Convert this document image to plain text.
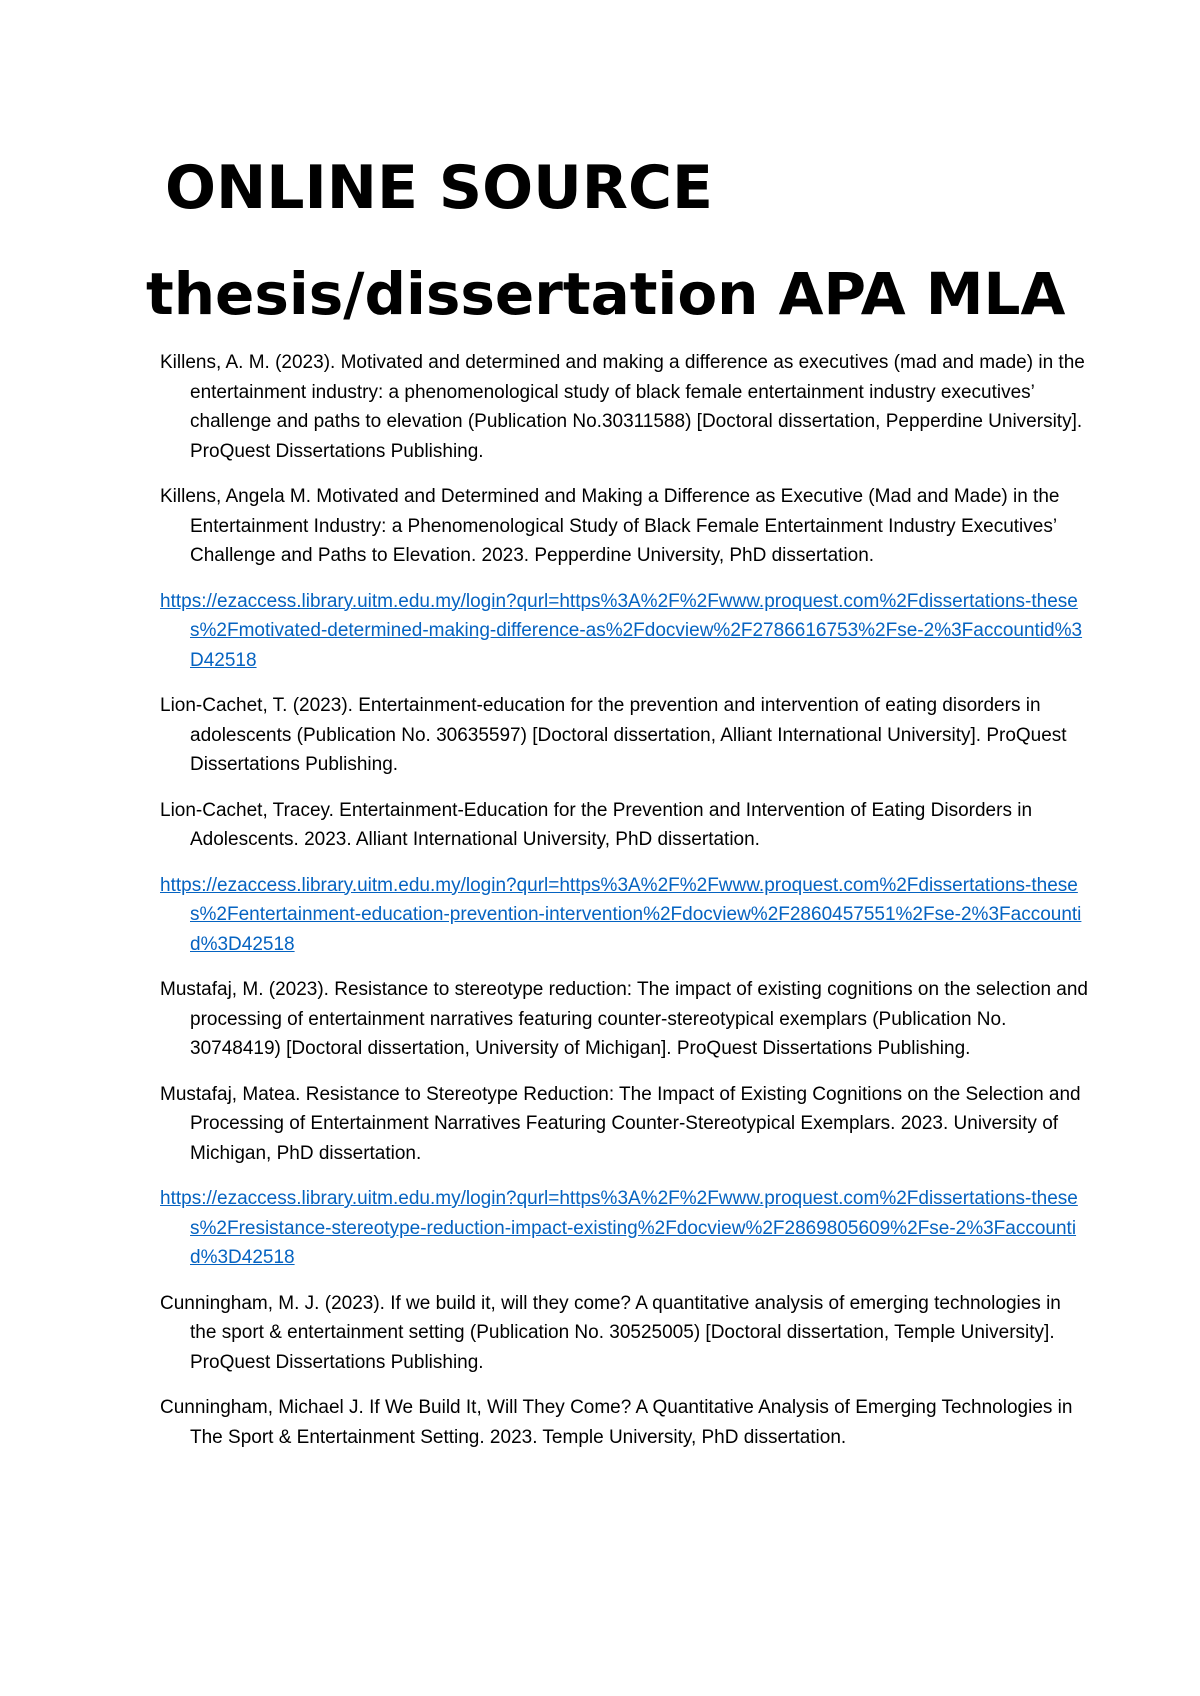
ONLINE SOURCE
thesis/dissertation APA MLA

Killens, A. M. (2023). Motivated and determined and making a difference as executives (mad and made) in the entertainment industry: a phenomenological study of black female entertainment industry executives’ challenge and paths to elevation (Publication No.30311588) [Doctoral dissertation, Pepperdine University]. ProQuest Dissertations Publishing.

Killens, Angela M. Motivated and Determined and Making a Difference as Executive (Mad and Made) in the Entertainment Industry: a Phenomenological Study of Black Female Entertainment Industry Executives’ Challenge and Paths to Elevation. 2023. Pepperdine University, PhD dissertation.

https://ezaccess.library.uitm.edu.my/login?qurl=https%3A%2F%2Fwww.proquest.com%2Fdissertations-theses%2Fmotivated-determined-making-difference-as%2Fdocview%2F2786616753%2Fse-2%3Faccountid%3D42518

Lion-Cachet, T. (2023). Entertainment-education for the prevention and intervention of eating disorders in adolescents (Publication No. 30635597) [Doctoral dissertation, Alliant International University]. ProQuest Dissertations Publishing.

Lion-Cachet, Tracey. Entertainment-Education for the Prevention and Intervention of Eating Disorders in Adolescents. 2023. Alliant International University, PhD dissertation.

https://ezaccess.library.uitm.edu.my/login?qurl=https%3A%2F%2Fwww.proquest.com%2Fdissertations-theses%2Fentertainment-education-prevention-intervention%2Fdocview%2F2860457551%2Fse-2%3Faccountid%3D42518

Mustafaj, M. (2023). Resistance to stereotype reduction: The impact of existing cognitions on the selection and processing of entertainment narratives featuring counter-stereotypical exemplars (Publication No. 30748419) [Doctoral dissertation, University of Michigan]. ProQuest Dissertations Publishing.

Mustafaj, Matea. Resistance to Stereotype Reduction: The Impact of Existing Cognitions on the Selection and Processing of Entertainment Narratives Featuring Counter-Stereotypical Exemplars. 2023. University of Michigan, PhD dissertation.

https://ezaccess.library.uitm.edu.my/login?qurl=https%3A%2F%2Fwww.proquest.com%2Fdissertations-theses%2Fresistance-stereotype-reduction-impact-existing%2Fdocview%2F2869805609%2Fse-2%3Faccountid%3D42518

Cunningham, M. J. (2023). If we build it, will they come? A quantitative analysis of emerging technologies in the sport & entertainment setting (Publication No. 30525005) [Doctoral dissertation, Temple University]. ProQuest Dissertations Publishing.

Cunningham, Michael J. If We Build It, Will They Come? A Quantitative Analysis of Emerging Technologies in The Sport & Entertainment Setting. 2023. Temple University, PhD dissertation.
